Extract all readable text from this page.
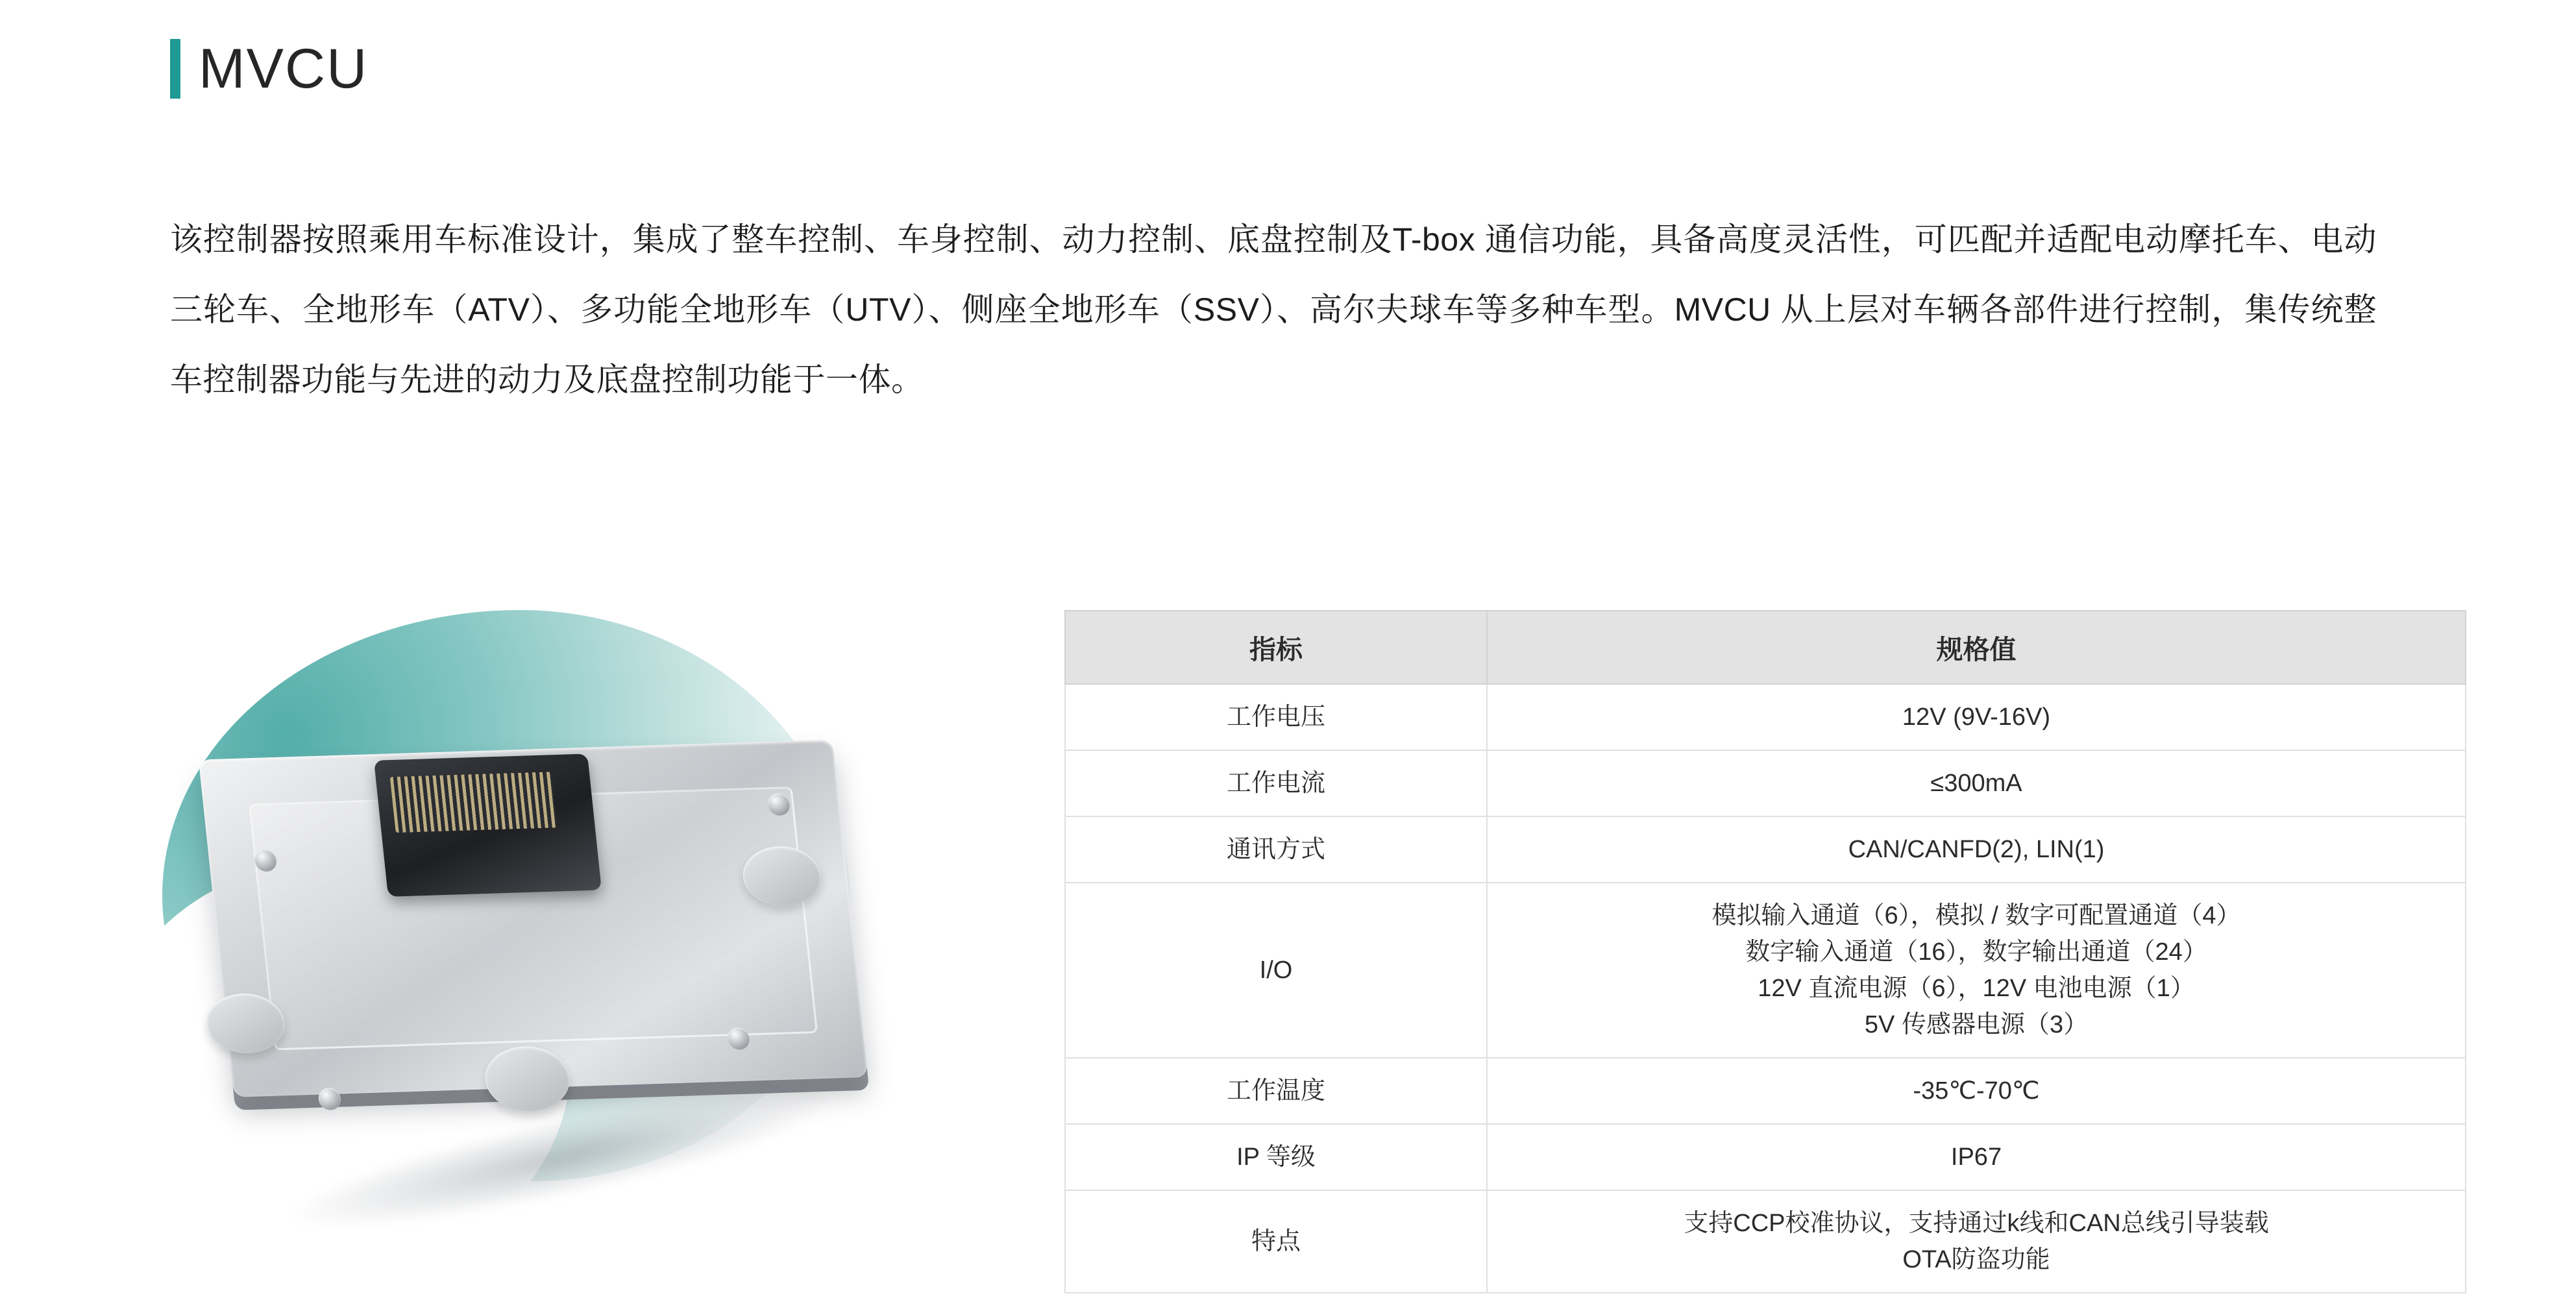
MVCU
该控制器按照乘用车标准设计，集成了整车控制、车身控制、动力控制、底盘控制及T-box 通信功能，具备高度灵活性，可匹配并适配电动摩托车、电动三轮车、全地形车（ATV）、多功能全地形车（UTV）、侧座全地形车（SSV）、高尔夫球车等多种车型。MVCU 从上层对车辆各部件进行控制，集传统整车控制器功能与先进的动力及底盘控制功能于一体。
指标	规格值
工作电压	12V (9V-16V)
工作电流	≤300mA
通讯方式	CAN/CANFD(2), LIN(1)
I/O	模拟输入通道（6），模拟 / 数字可配置通道（4）
数字输入通道（16），数字输出通道（24）
12V 直流电源（6），12V 电池电源（1）
5V 传感器电源（3）

工作温度	-35℃-70℃
IP 等级	IP67
特点	支持CCP校准协议，支持通过k线和CAN总线引导装载
OTA防盗功能
